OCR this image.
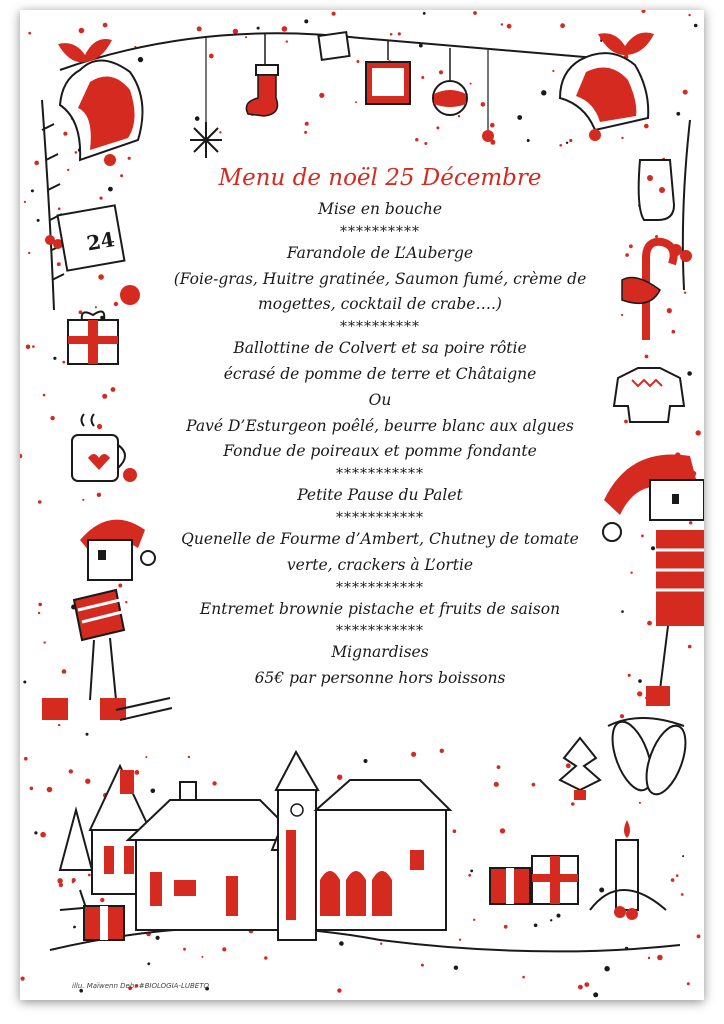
24
Menu de noël 25 Décembre
Mise en bouche
**********
Farandole de L’Auberge
(Foie-gras, Huitre gratinée, Saumon fumé, crème de
mogettes, cocktail de crabe….)
**********
Ballottine de Colvert et sa poire rôtie
écrasé de pomme de terre et Châtaigne
Ou
Pavé D’Esturgeon poêlé, beurre blanc aux algues
Fondue de poireaux et pomme fondante
***********
Petite Pause du Palet
***********
Quenelle de Fourme d’Ambert, Chutney de tomate
verte, crackers à L’ortie
***********
Entremet brownie pistache et fruits de saison
***********
Mignardises
65€ par personne hors boissons
illu. Maïwenn Deb. #BIOLOGIA-LUBETO
